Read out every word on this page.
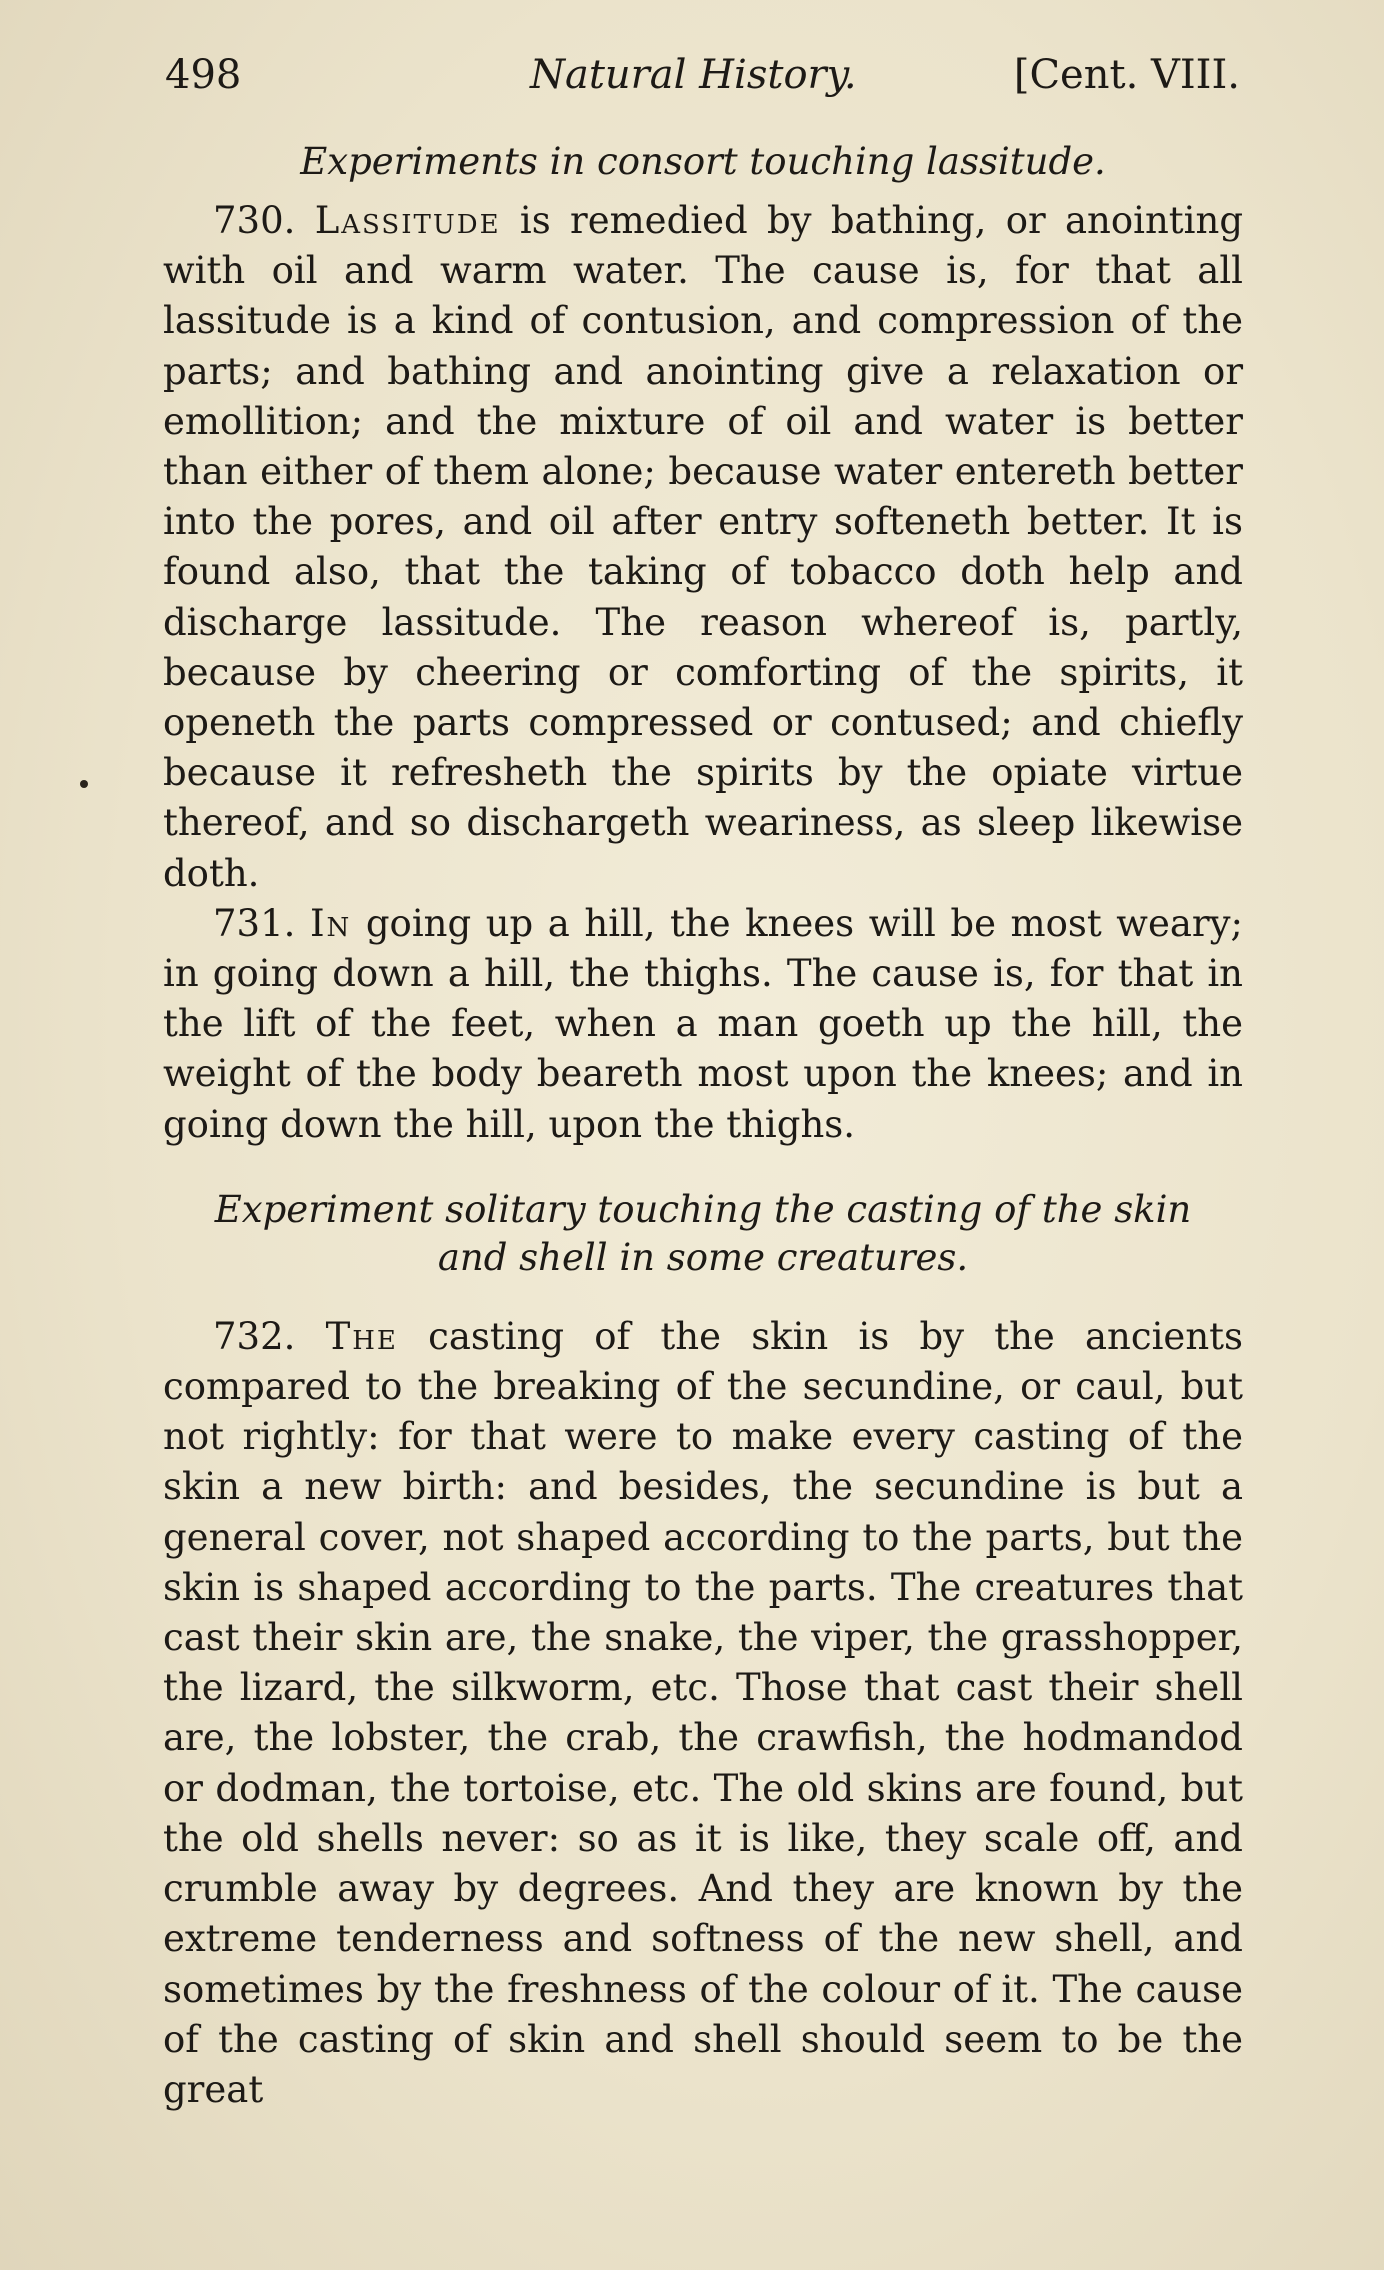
498	Natural History.	[Cent. VIII.

Experiments in consort touching lassitude.

730. Lassitude is remedied by bathing, or anointing with oil and warm water. The cause is, for that all lassitude is a kind of contusion, and compression of the parts; and bathing and anointing give a relaxation or emollition; and the mixture of oil and water is better than either of them alone; because water entereth better into the pores, and oil after entry softeneth better. It is found also, that the taking of tobacco doth help and discharge lassitude. The reason whereof is, partly, because by cheering or comforting of the spirits, it openeth the parts compressed or contused; and chiefly because it refresheth the spirits by the opiate virtue thereof, and so dischargeth weariness, as sleep likewise doth.

731. In going up a hill, the knees will be most weary; in going down a hill, the thighs. The cause is, for that in the lift of the feet, when a man goeth up the hill, the weight of the body beareth most upon the knees; and in going down the hill, upon the thighs.

Experiment solitary touching the casting of the skin
and shell in some creatures.

732. The casting of the skin is by the ancients compared to the breaking of the secundine, or caul, but not rightly: for that were to make every casting of the skin a new birth: and besides, the secundine is but a general cover, not shaped according to the parts, but the skin is shaped according to the parts. The creatures that cast their skin are, the snake, the viper, the grasshopper, the lizard, the silkworm, etc. Those that cast their shell are, the lobster, the crab, the crawfish, the hodmandod or dodman, the tortoise, etc. The old skins are found, but the old shells never: so as it is like, they scale off, and crumble away by degrees. And they are known by the extreme tenderness and softness of the new shell, and sometimes by the freshness of the colour of it. The cause of the casting of skin and shell should seem to be the great
